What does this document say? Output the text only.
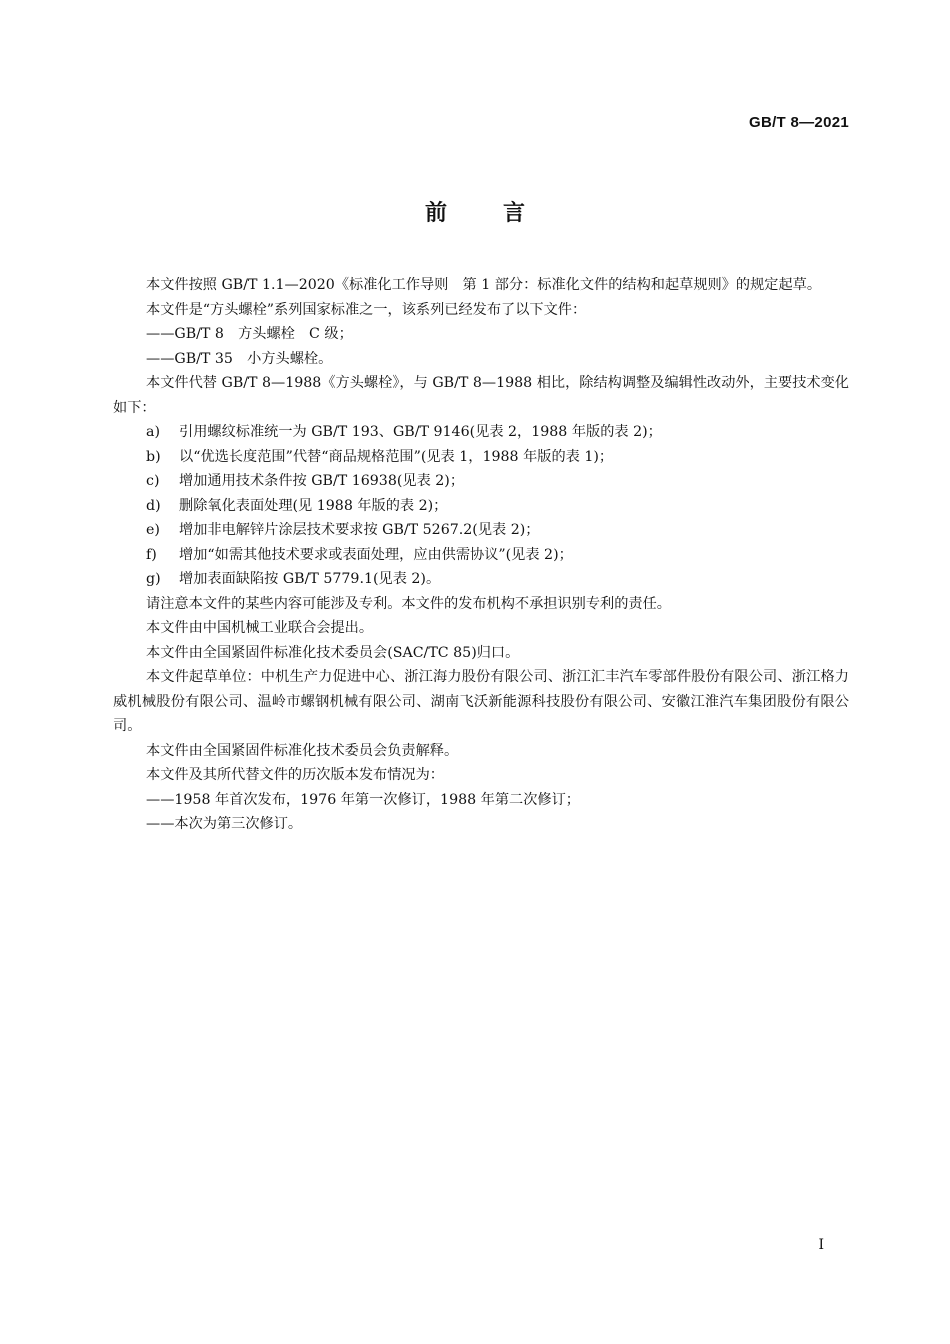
GB/T 8—2021
前言

本文件按照 GB/T 1.1—2020《标准化工作导则　第 1 部分：标准化文件的结构和起草规则》的规定起草。

本文件是“方头螺栓”系列国家标准之一，该系列已经发布了以下文件：

——GB/T 8　方头螺栓　C 级；

——GB/T 35　小方头螺栓。

本文件代替 GB/T 8—1988《方头螺栓》，与 GB/T 8—1988 相比，除结构调整及编辑性改动外，主要技术变化如下：

a) 引用螺纹标准统一为 GB/T 193、GB/T 9146(见表 2，1988 年版的表 2)；

b) 以“优选长度范围”代替“商品规格范围”(见表 1，1988 年版的表 1)；

c) 增加通用技术条件按 GB/T 16938(见表 2)；

d) 删除氧化表面处理(见 1988 年版的表 2)；

e) 增加非电解锌片涂层技术要求按 GB/T 5267.2(见表 2)；

f) 增加“如需其他技术要求或表面处理，应由供需协议”(见表 2)；

g) 增加表面缺陷按 GB/T 5779.1(见表 2)。

请注意本文件的某些内容可能涉及专利。本文件的发布机构不承担识别专利的责任。

本文件由中国机械工业联合会提出。

本文件由全国紧固件标准化技术委员会(SAC/TC 85)归口。

本文件起草单位：中机生产力促进中心、浙江海力股份有限公司、浙江汇丰汽车零部件股份有限公司、浙江格力威机械股份有限公司、温岭市螺钢机械有限公司、湖南飞沃新能源科技股份有限公司、安徽江淮汽车集团股份有限公司。

本文件由全国紧固件标准化技术委员会负责解释。

本文件及其所代替文件的历次版本发布情况为：

——1958 年首次发布，1976 年第一次修订，1988 年第二次修订；

——本次为第三次修订。

I
